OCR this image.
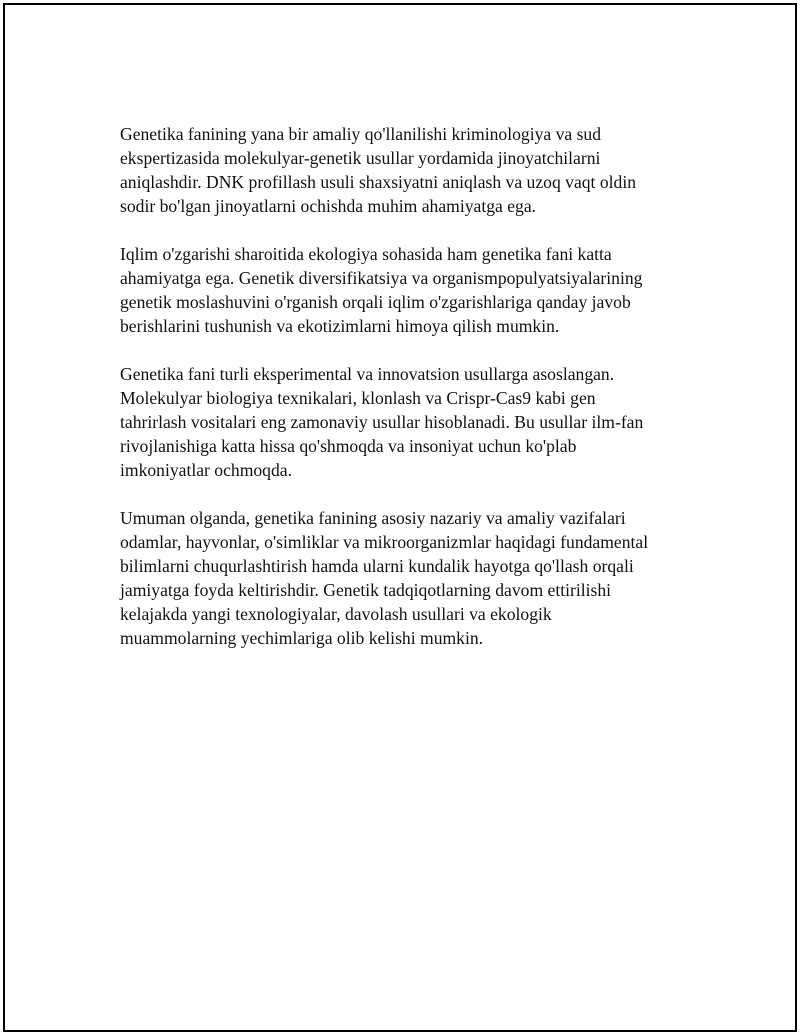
Genetika fanining yana bir amaliy qo'llanilishi kriminologiya va sud
ekspertizasida molekulyar-genetik usullar yordamida jinoyatchilarni
aniqlashdir. DNK profillash usuli shaxsiyatni aniqlash va uzoq vaqt oldin
sodir bo'lgan jinoyatlarni ochishda muhim ahamiyatga ega.

Iqlim o'zgarishi sharoitida ekologiya sohasida ham genetika fani katta
ahamiyatga ega. Genetik diversifikatsiya va organismpopulyatsiyalarining
genetik moslashuvini o'rganish orqali iqlim o'zgarishlariga qanday javob
berishlarini tushunish va ekotizimlarni himoya qilish mumkin.

Genetika fani turli eksperimental va innovatsion usullarga asoslangan.
Molekulyar biologiya texnikalari, klonlash va Crispr-Cas9 kabi gen
tahrirlash vositalari eng zamonaviy usullar hisoblanadi. Bu usullar ilm-fan
rivojlanishiga katta hissa qo'shmoqda va insoniyat uchun ko'plab
imkoniyatlar ochmoqda.

Umuman olganda, genetika fanining asosiy nazariy va amaliy vazifalari
odamlar, hayvonlar, o'simliklar va mikroorganizmlar haqidagi fundamental
bilimlarni chuqurlashtirish hamda ularni kundalik hayotga qo'llash orqali
jamiyatga foyda keltirishdir. Genetik tadqiqotlarning davom ettirilishi
kelajakda yangi texnologiyalar, davolash usullari va ekologik
muammolarning yechimlariga olib kelishi mumkin.
